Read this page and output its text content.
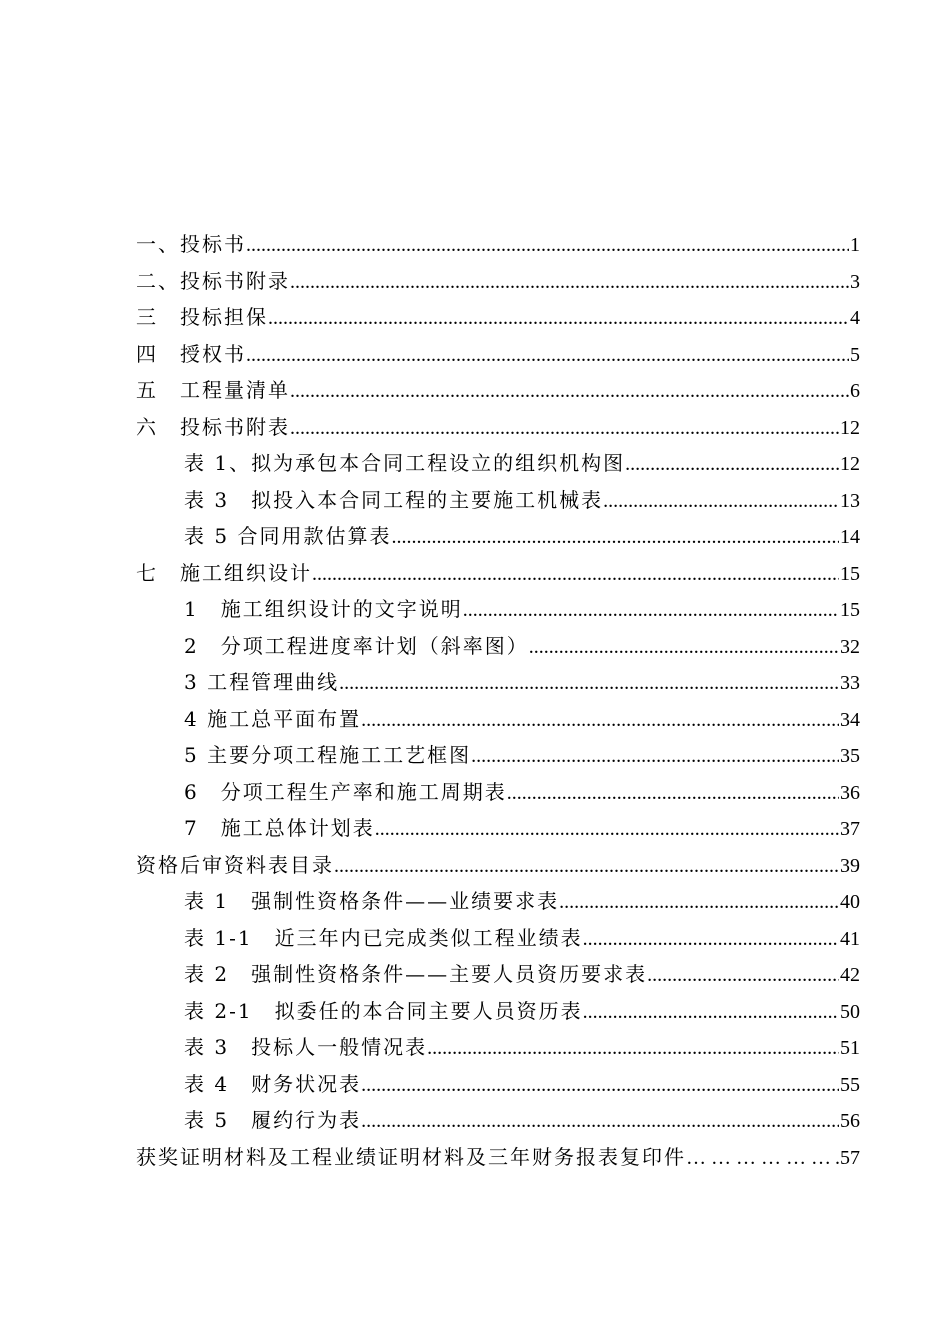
一、投标书 .....	1
二、投标书附录 .....	3
三　投标担保 .....	4
四　授权书 .....	5
五　工程量清单 .....	6
六　投标书附表 .....	12
表 1、拟为承包本合同工程设立的组织机构图 .....	12
表 3　拟投入本合同工程的主要施工机械表 .....	13
表 5 合同用款估算表 .....	14
七　施工组织设计 .....	15
1　施工组织设计的文字说明 .....	15
2　分项工程进度率计划（斜率图） .....	32
3 工程管理曲线 .....	33
4 施工总平面布置 .....	34
5 主要分项工程施工工艺框图 .....	35
6　分项工程生产率和施工周期表 .....	36
7　施工总体计划表 .....	37
资格后审资料表目录 .....	39
表 1　强制性资格条件——业绩要求表 .....	40
表 1-1　近三年内已完成类似工程业绩表 .....	41
表 2　强制性资格条件——主要人员资历要求表 .....	42
表 2-1　拟委任的本合同主要人员资历表 .....	50
表 3　投标人一般情况表 .....	51
表 4　财务状况表 .....	55
表 5　履约行为表 .....	56
获奖证明材料及工程业绩证明材料及三年财务报表复印件 … … … … … … … … … … … … … … … … … … … … … … … … … … … … … … … … … … … … … … … … … … … … … … … … … … … … … … … … … … … … … … …	.57
